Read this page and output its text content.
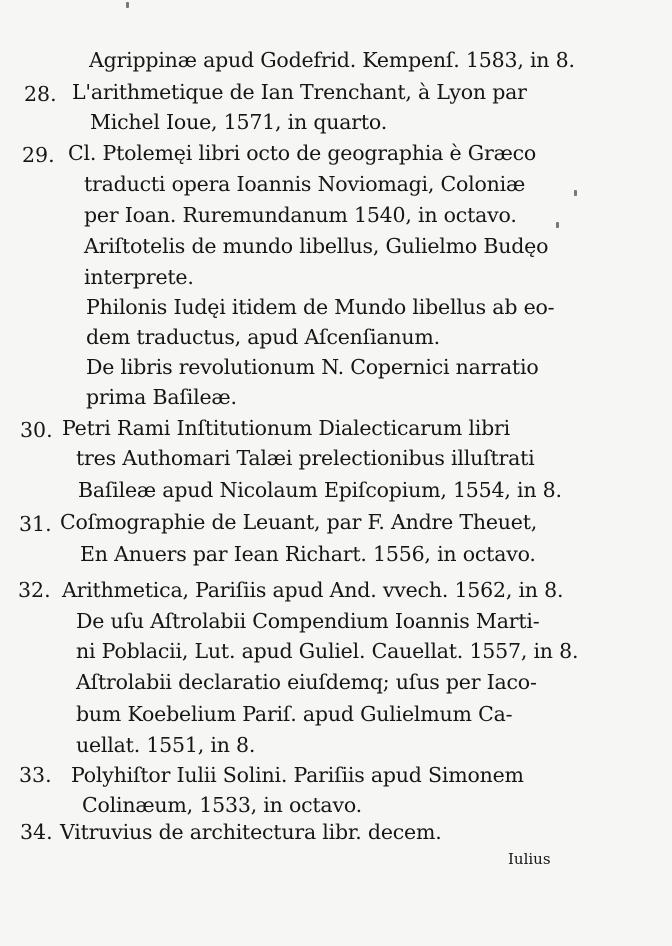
28.
29.
30.
31.
32.
33.
34.
Agrippinæ apud Godefrid. Kempenſ. 1583, in 8.
L'arithmetique de Ian Trenchant, à Lyon par
Michel Ioue, 1571, in quarto.
Cl. Ptolemęi libri octo de geographia è Græco
traducti opera Ioannis Noviomagi, Coloniæ
per Ioan. Ruremundanum 1540, in octavo.
Ariſtotelis de mundo libellus, Gulielmo Budęo
interprete.
Philonis Iudęi itidem de Mundo libellus ab eo-
dem traductus, apud Aſcenſianum.
De libris revolutionum N. Copernici narratio
prima Baſileæ.
Petri Rami Inſtitutionum Dialecticarum libri
tres Authomari Talæi prelectionibus illuſtrati
Baſileæ apud Nicolaum Epiſcopium, 1554, in 8.
Coſmographie de Leuant, par F. Andre Theuet,
En Anuers par Iean Richart. 1556, in octavo.
Arithmetica, Pariſiis apud And. vvech. 1562, in 8.
De uſu Aſtrolabii Compendium Ioannis Marti-
ni Poblacii, Lut. apud Guliel. Cauellat. 1557, in 8.
Aſtrolabii declaratio eiuſdemq; uſus per Iaco-
bum Koebelium Pariſ. apud Gulielmum Ca-
uellat. 1551, in 8.
Polyhiſtor Iulii Solini. Pariſiis apud Simonem
Colinæum, 1533, in octavo.
Vitruvius de architectura libr. decem.
Iulius
